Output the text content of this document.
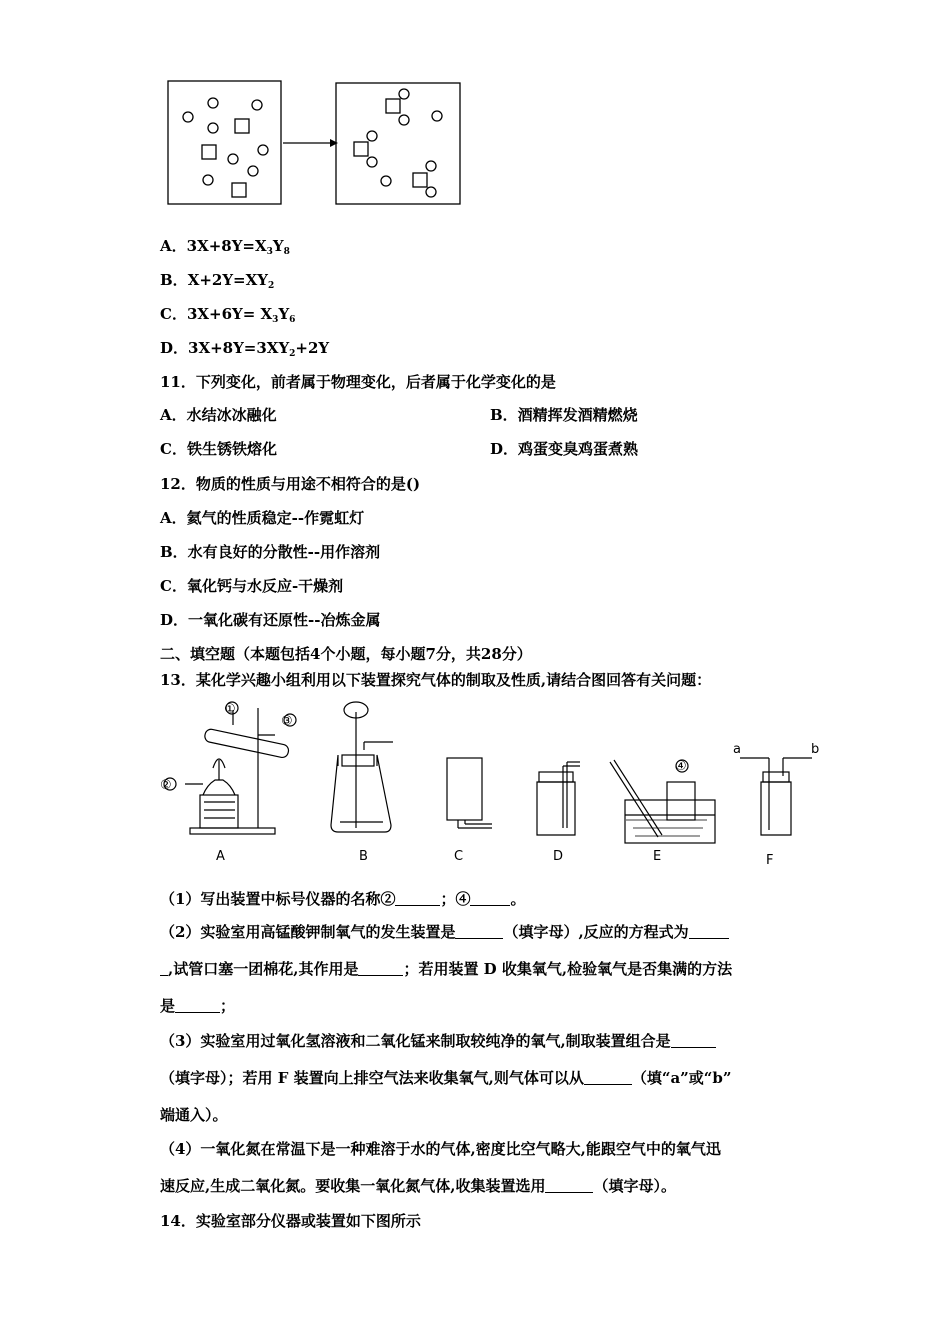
A．$3X+8Y=X_3Y_8$
B．$X+2Y=XY_2$
C．$3X+6Y= X_3Y_6$
D．$3X+8Y=3XY_2+2Y$
11．下列变化，前者属于物理变化，后者属于化学变化的是
A．水结冰冰融化	B．酒精挥发酒精燃烧
C．铁生锈铁熔化	D．鸡蛋变臭鸡蛋煮熟
12．物质的性质与用途不相符合的是()
A．氦气的性质稳定--作霓虹灯
B．水有良好的分散性--用作溶剂
C．氧化钙与水反应-干燥剂
D．一氧化碳有还原性--冶炼金属
二、填空题（本题包括4个小题，每小题7分，共28分）
13．某化学兴趣小组利用以下装置探究气体的制取及性质,请结合图回答有关问题：
①
②
③
④
a	b
A	B	C	D	E	F
（1）写出装置中标号仪器的名称②	；④	。
（2）实验室用高锰酸钾制氧气的发生装置是	（填字母）,反应的方程式为
,试管口塞一团棉花,其作用是	；若用装置 D 收集氧气,检验氧气是否集满的方法
是	；
（3）实验室用过氧化氢溶液和二氧化锰来制取较纯净的氧气,制取装置组合是
（填字母）；若用 F 装置向上排空气法来收集氧气,则气体可以从	（填“a”或“b”
端通入）。
（4）一氧化氮在常温下是一种难溶于水的气体,密度比空气略大,能跟空气中的氧气迅
速反应,生成二氧化氮。要收集一氧化氮气体,收集装置选用	（填字母）。
14．实验室部分仪器或装置如下图所示
